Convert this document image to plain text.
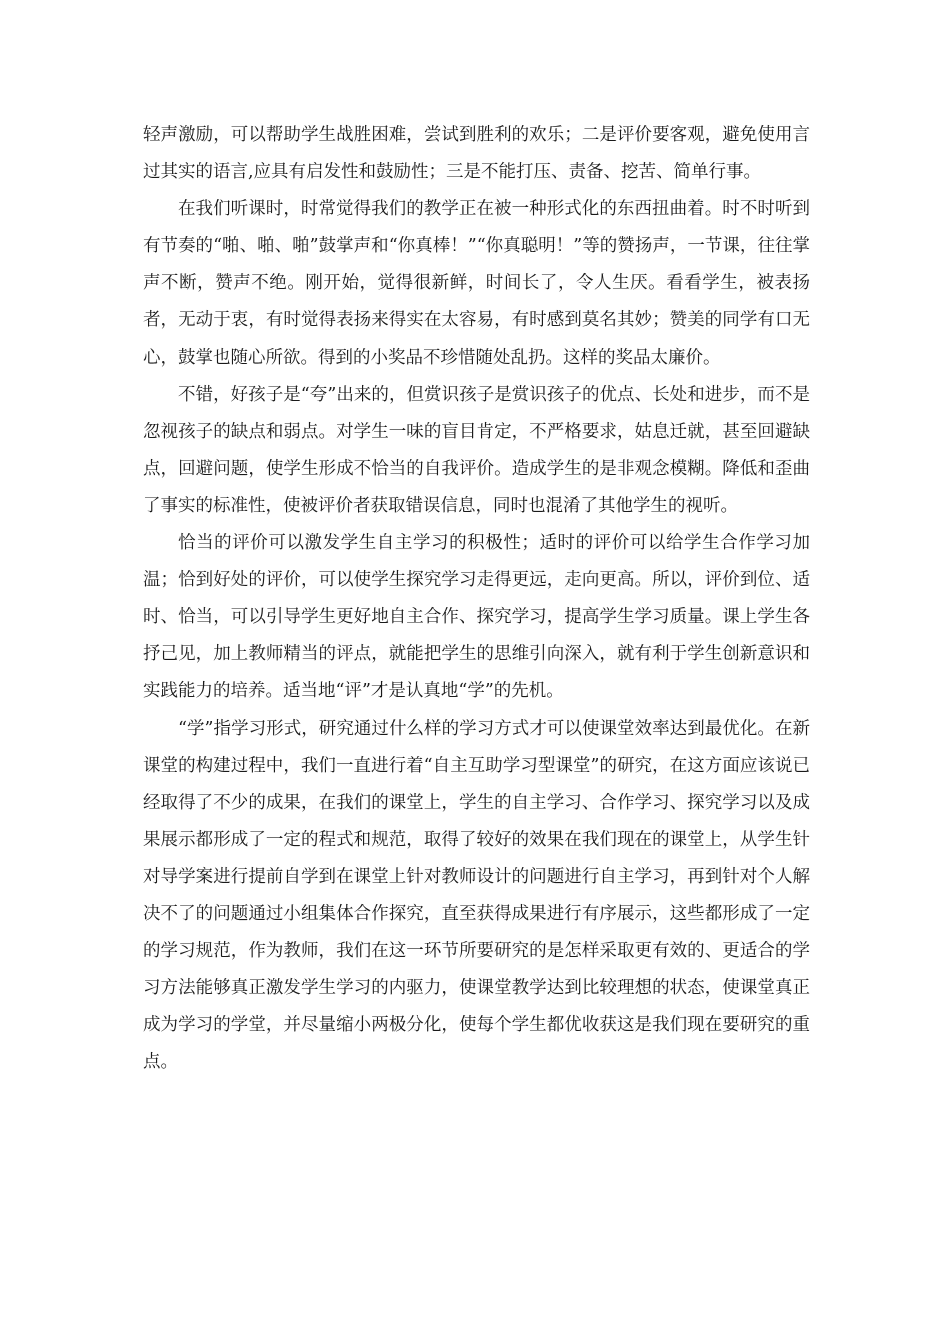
轻声激励，可以帮助学生战胜困难，尝试到胜利的欢乐；二是评价要客观，避免使用言过其实的语言,应具有启发性和鼓励性；三是不能打压、责备、挖苦、简单行事。

在我们听课时，时常觉得我们的教学正在被一种形式化的东西扭曲着。时不时听到有节奏的“啪、啪、啪”鼓掌声和“你真棒！”“你真聪明！”等的赞扬声，一节课，往往掌声不断，赞声不绝。刚开始，觉得很新鲜，时间长了，令人生厌。看看学生，被表扬者，无动于衷，有时觉得表扬来得实在太容易，有时感到莫名其妙；赞美的同学有口无心，鼓掌也随心所欲。得到的小奖品不珍惜随处乱扔。这样的奖品太廉价。

不错，好孩子是“夸”出来的，但赏识孩子是赏识孩子的优点、长处和进步，而不是忽视孩子的缺点和弱点。对学生一味的盲目肯定，不严格要求，姑息迁就，甚至回避缺点，回避问题，使学生形成不恰当的自我评价。造成学生的是非观念模糊。降低和歪曲了事实的标准性，使被评价者获取错误信息，同时也混淆了其他学生的视听。

恰当的评价可以激发学生自主学习的积极性；适时的评价可以给学生合作学习加温；恰到好处的评价，可以使学生探究学习走得更远，走向更高。所以，评价到位、适时、恰当，可以引导学生更好地自主合作、探究学习，提高学生学习质量。课上学生各抒己见，加上教师精当的评点，就能把学生的思维引向深入，就有利于学生创新意识和实践能力的培养。适当地“评”才是认真地“学”的先机。

“学”指学习形式，研究通过什么样的学习方式才可以使课堂效率达到最优化。在新课堂的构建过程中，我们一直进行着“自主互助学习型课堂”的研究，在这方面应该说已经取得了不少的成果，在我们的课堂上，学生的自主学习、合作学习、探究学习以及成果展示都形成了一定的程式和规范，取得了较好的效果在我们现在的课堂上，从学生针对导学案进行提前自学到在课堂上针对教师设计的问题进行自主学习，再到针对个人解决不了的问题通过小组集体合作探究，直至获得成果进行有序展示，这些都形成了一定的学习规范，作为教师，我们在这一环节所要研究的是怎样采取更有效的、更适合的学习方法能够真正激发学生学习的内驱力，使课堂教学达到比较理想的状态，使课堂真正成为学习的学堂，并尽量缩小两极分化，使每个学生都优收获这是我们现在要研究的重点。
